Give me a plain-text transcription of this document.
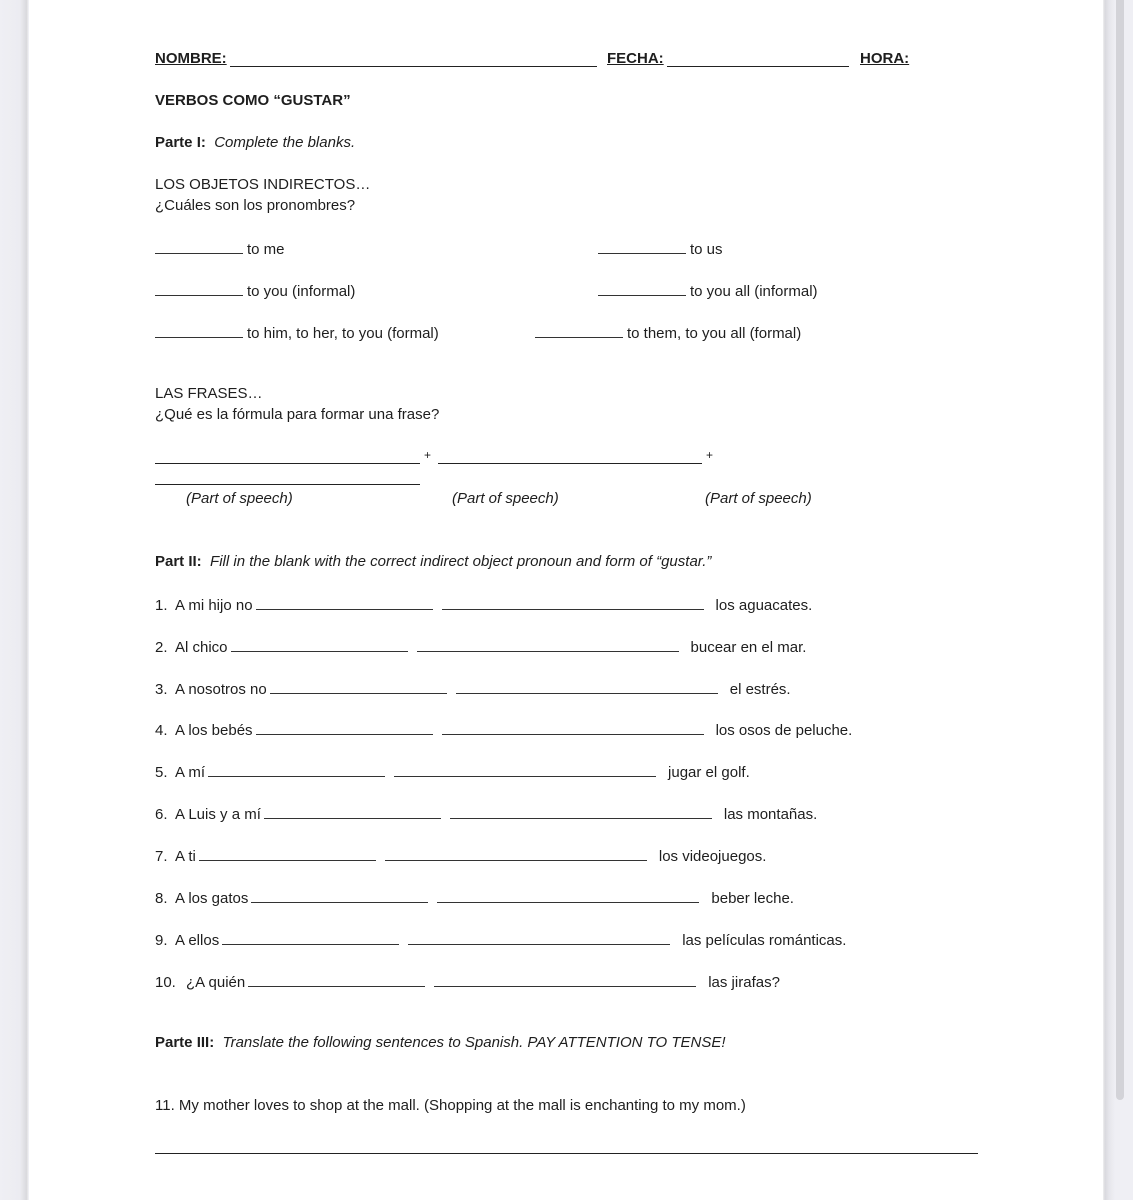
NOMBRE:	FECHA:	HORA:
VERBOS COMO “GUSTAR”
Parte I: Complete the blanks.
LOS OBJETOS INDIRECTOS…
¿Cuáles son los pronombres?
to me	to us
to you (informal)	to you all (informal)
to him, to her, to you (formal)	to them, to you all (formal)
LAS FRASES…
¿Qué es la fórmula para formar una frase?
+	+
(Part of speech)	(Part of speech)	(Part of speech)
Part II: Fill in the blank with the correct indirect object pronoun and form of “gustar.”
1. A mi hijo no	los aguacates.
2. Al chico	bucear en el mar.
3. A nosotros no	el estrés.
4. A los bebés	los osos de peluche.
5. A mí	jugar el golf.
6. A Luis y a mí	las montañas.
7. A ti	los videojuegos.
8. A los gatos	beber leche.
9. A ellos	las películas románticas.
10. ¿A quién	las jirafas?
Parte III: Translate the following sentences to Spanish. PAY ATTENTION TO TENSE!
11. My mother loves to shop at the mall. (Shopping at the mall is enchanting to my mom.)
